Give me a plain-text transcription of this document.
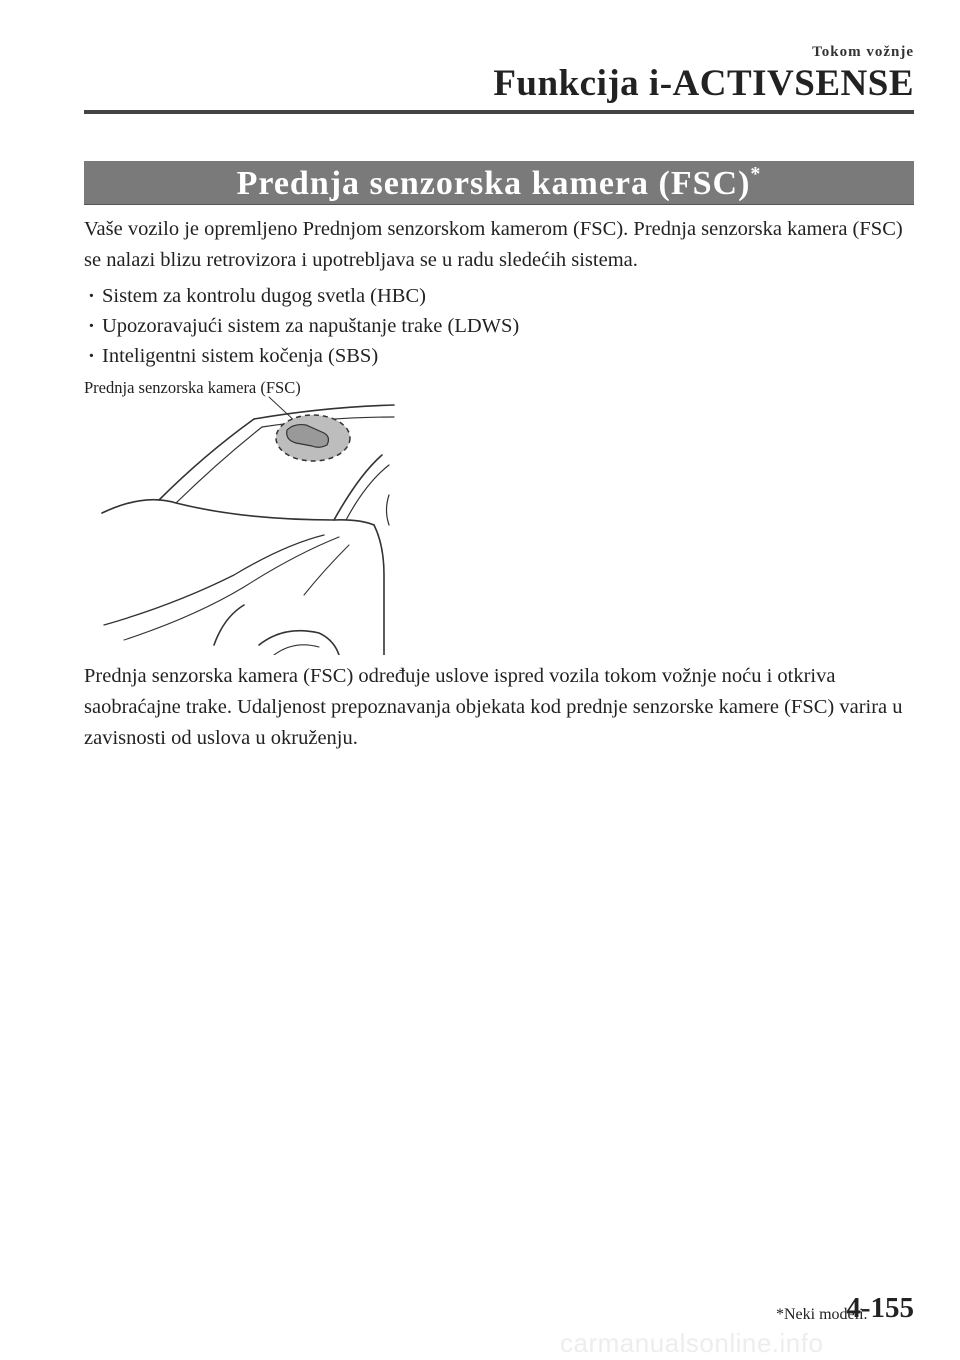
Tokom vožnje
Funkcija i-ACTIVSENSE
Prednja senzorska kamera (FSC)*

Vaše vozilo je opremljeno Prednjom senzorskom kamerom (FSC). Prednja senzorska kamera (FSC) se nalazi blizu retrovizora i upotrebljava se u radu sledećih sistema.

· Sistem za kontrolu dugog svetla (HBC)
· Upozoravajući sistem za napuštanje trake (LDWS)
· Inteligentni sistem kočenja (SBS)
Prednja senzorska kamera (FSC)

Prednja senzorska kamera (FSC) određuje uslove ispred vozila tokom vožnje noću i otkriva saobraćajne trake. Udaljenost prepoznavanja objekata kod prednje senzorske kamere (FSC) varira u zavisnosti od uslova u okruženju.

*Neki modeli.
4-155
carmanualsonline.info
